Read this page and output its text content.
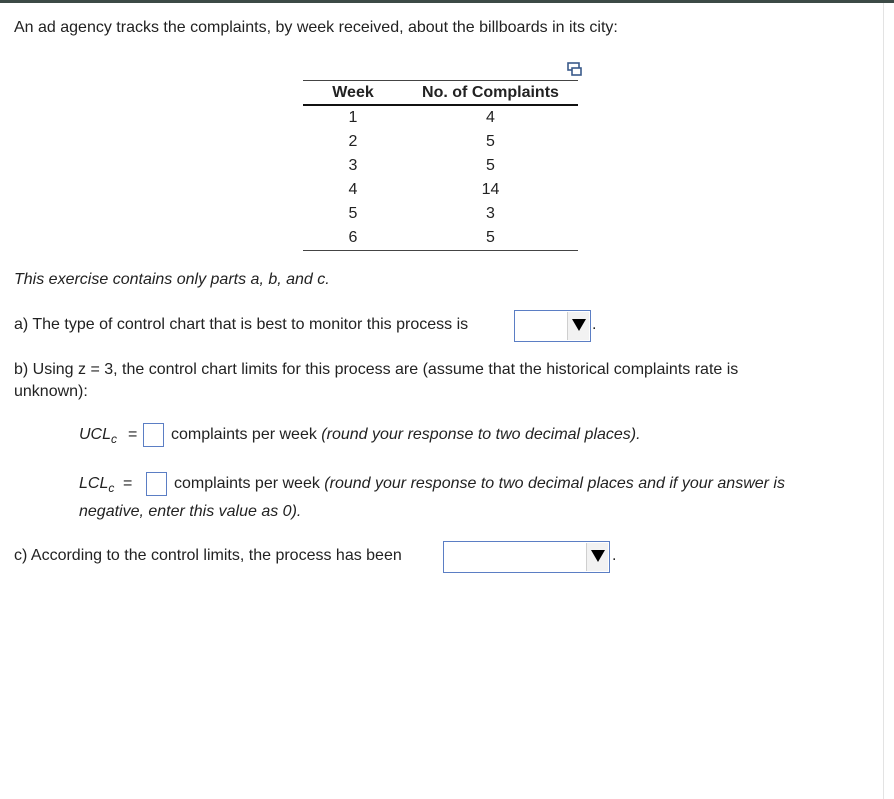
An ad agency tracks the complaints, by week received, about the billboards in its city:
Week	No. of Complaints
1	4
2	5
3	5
4	14
5	3
6	5
This exercise contains only parts a, b, and c.
a) The type of control chart that is best to monitor this process is	.
b) Using z = 3, the control chart limits for this process are (assume that the historical complaints rate is
unknown):
$UCL_c$ = complaints per week (round your response to two decimal places).
$LCL_c$ =	complaints per week (round your response to two decimal places and if your answer is
negative, enter this value as 0).
c) According to the control limits, the process has been	.
